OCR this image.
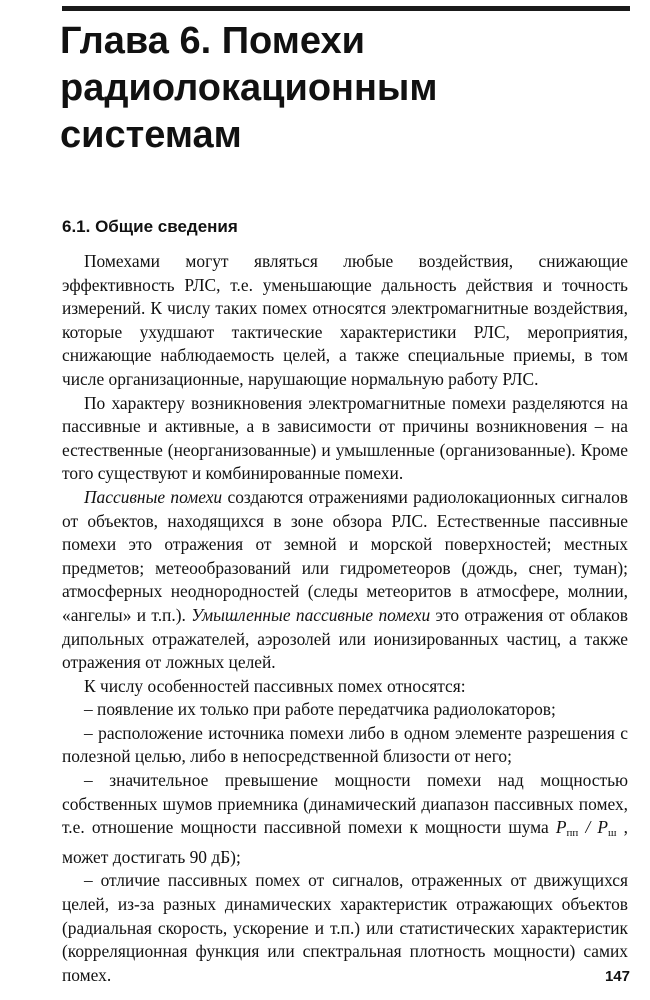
Глава 6. Помехи
радиолокационным
системам
6.1. Общие сведения

Помехами могут являться любые воздействия, снижающие эффективность РЛС, т.е. уменьшающие дальность действия и точность измерений. К числу таких помех относятся электромагнитные воздействия, которые ухудшают тактические характеристики РЛС, мероприятия, снижающие наблюдаемость целей, а также специальные приемы, в том числе организационные, нарушающие нормальную работу РЛС.

По характеру возникновения электромагнитные помехи разделяются на пассивные и активные, а в зависимости от причины возникновения – на естественные (неорганизованные) и умышленные (организованные). Кроме того существуют и комбинированные помехи.

Пассивные помехи создаются отражениями радиолокационных сигналов от объектов, находящихся в зоне обзора РЛС. Естественные пассивные помехи это отражения от земной и морской поверхностей; местных предметов; метеообразований или гидрометеоров (дождь, снег, туман); атмосферных неоднородностей (следы метеоритов в атмосфере, молнии, «ангелы» и т.п.). Умышленные пассивные помехи это отражения от облаков дипольных отражателей, аэрозолей или ионизированных частиц, а также отражения от ложных целей.

К числу особенностей пассивных помех относятся:

– появление их только при работе передатчика радиолокаторов;

– расположение источника помехи либо в одном элементе разрешения с полезной целью, либо в непосредственной близости от него;

– значительное превышение мощности помехи над мощностью собственных шумов приемника (динамический диапазон пассивных помех, т.е. отношение мощности пассивной помехи к мощности шума $P_{пп} / P_ш$ , может достигать 90 дБ);

– отличие пассивных помех от сигналов, отраженных от движущихся целей, из-за разных динамических характеристик отражающих объектов (радиальная скорость, ускорение и т.п.) или статистических характеристик (корреляционная функция или спектральная плотность мощности) самих помех.	147
